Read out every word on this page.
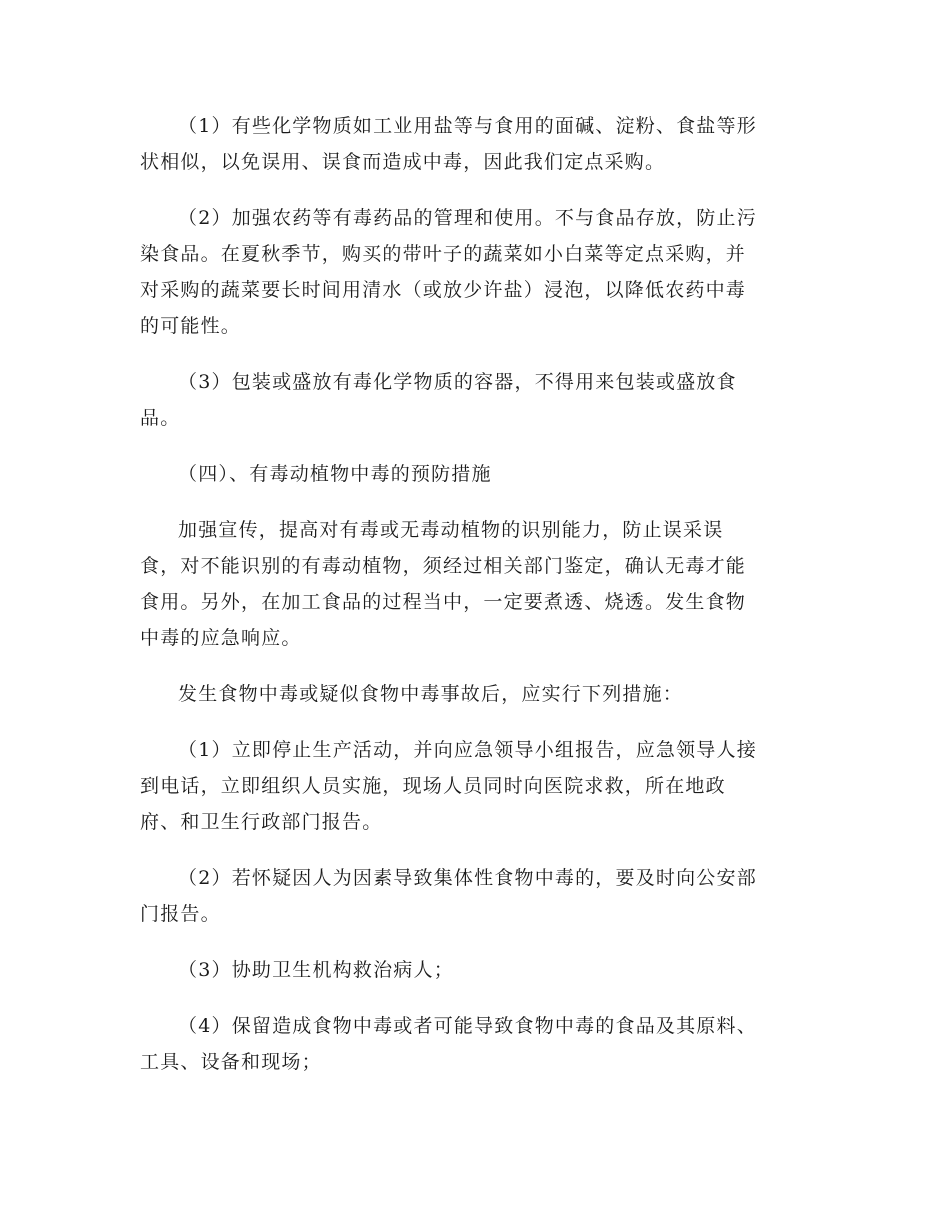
（1）有些化学物质如工业用盐等与食用的面碱、淀粉、食盐等形
状相似，以免误用、误食而造成中毒，因此我们定点采购。

（2）加强农药等有毒药品的管理和使用。不与食品存放，防止污
染食品。在夏秋季节，购买的带叶子的蔬菜如小白菜等定点采购，并
对采购的蔬菜要长时间用清水（或放少许盐）浸泡，以降低农药中毒
的可能性。

（3）包装或盛放有毒化学物质的容器，不得用来包装或盛放食
品。

（四）、有毒动植物中毒的预防措施

加强宣传，提高对有毒或无毒动植物的识别能力，防止误采误
食，对不能识别的有毒动植物，须经过相关部门鉴定，确认无毒才能
食用。另外，在加工食品的过程当中，一定要煮透、烧透。发生食物
中毒的应急响应。

发生食物中毒或疑似食物中毒事故后，应实行下列措施：

（1）立即停止生产活动，并向应急领导小组报告，应急领导人接
到电话，立即组织人员实施，现场人员同时向医院求救，所在地政
府、和卫生行政部门报告。

（2）若怀疑因人为因素导致集体性食物中毒的，要及时向公安部
门报告。

（3）协助卫生机构救治病人；

（4）保留造成食物中毒或者可能导致食物中毒的食品及其原料、
工具、设备和现场；
